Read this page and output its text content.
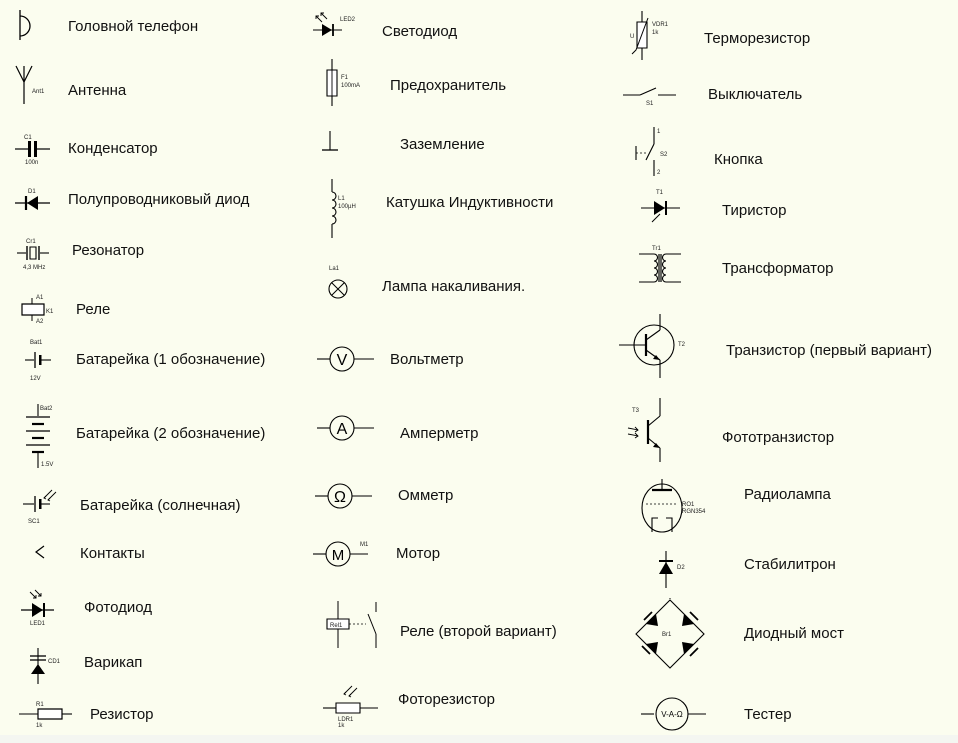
Головной телефон
Ant1 Антенна
C1
100n
Конденсатор
D1 Полупроводниковый диод
Cr1
4,3 MHz
Резонатор
A1
A2
K1 Реле
Bat1
12V
Батарейка (1 обозначение)
Bat2
1.5V
Батарейка (2 обозначение)
SC1
Батарейка (солнечная)
Контакты
LED1
Фотодиод
CD1 Варикап
R1
1k
Резистор
LED2
Светодиод
F1
100mA Предохранитель
Заземление
L1
100µH Катушка Индуктивности
La1
Лампа накаливания.
V	Вольтметр
A	Амперметр
Ω	Омметр
M
M1 Мотор
Rel1	Реле (второй вариант)
LDR1
1k
Фоторезистор
U
VDR1
1k	Терморезистор
S1
Выключатель
1
S2
2
Кнопка
T1
Тиристор
Tr1
Трансформатор
T2	Транзистор (первый вариант)
T3
Фототранзистор
RO1
RGN354
Радиолампа
D2	Стабилитрон
Br1	Диодный мост
V-A-Ω	Тестер
